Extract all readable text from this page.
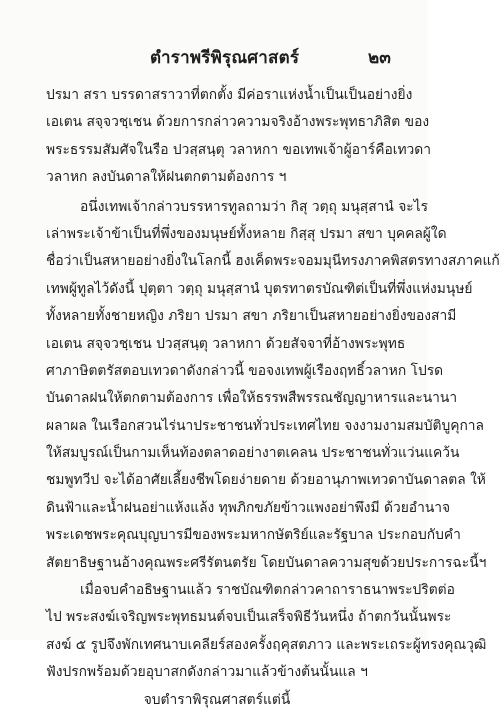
ตำราพรีพิรุณศาสตร์	๒๓
ปรมา สรา บรรดาสราวาที่ตกตั้ง มีค่อราแห่งน้ำเป็นเป็นอย่างยิ่ง
เอเตน สจฺจวชฺเชน ด้วยการกล่าวความจริงอ้างพระพุทธาภิสิต ของ
พระธรรมสัมศัจในรือ ปวสฺสนฺตุ วลาหกา ขอเทพเจ้าผู้อาร์คือเทวดา
วลาหก ลงบันดาลให้ฝนตกตามต้องการ ฯ
อนึ่งเทพเจ้ากล่าวบรรหารทูลถามว่า กิสุ วตฺถุ มนุสฺสานํ จะไร
เล่าพระเจ้าข้าเป็นที่พึ่งของมนุษย์ทั้งหลาย กิสฺสุ ปรมา สขา บุคคลผู้ใด
ชื่อว่าเป็นสหายอย่างยิ่งในโลกนี้ ฮงเค็ดพระจอมมุนีทรงภาคพิสตรทางสภาคแก้
เทพผู้ทูลไว้ดังนี้ ปุตฺตา วตฺถุ มนุสฺสานํ บุตรทาตรบัณฑิต่เป็นที่พึ่งแห่งมนุษย์
ทั้งหลายทั้งชายหญิง ภริยา ปรมา สขา ภริยาเป็นสหายอย่างยิ่งของสามี
เอเตน สจฺจวชฺเชน ปวสฺสนฺตุ วลาหกา ด้วยสัจจาที่อ้างพระพุทธ
ศาภาษิตตรัสตอบเทวดาดังกล่าวนี้ ขอจงเทพผู้เรืองฤทธิ์วลาหก โปรด
บันดาลฝนให้ตกตามต้องการ เพื่อให้ธรรพสืพรรณชัญญาหารและนานา
ผลาผล ในเรือกสวนไร่นาประชาชนทั่วประเทศไทย จงงามงามสมบัติบูคุกาล
ให้สมบูรณ์เป็นกามเห็นท้องตลาดอย่างาตเคลน ประชาชนทั่วแว่นแคว้น
ชมพูทวีป จะได้อาศัยเลี้ยงชีพโดยง่ายดาย ด้วยอานุภาพเทวดาบันดาลตล ให้
ดินฟ้าและน้ำฝนอย่าแห้งแล้ง ทุพภิกขภัยข้าวแพงอย่าพึงมี ด้วยอำนาจ
พระเดชพระคุณบุญบารมีของพระมหากษัตริย์และรัฐบาล ประกอบกับคำ
สัตยาธิษฐานอ้างคุณพระศรีรัตนตรัย โดยบันดาลความสุขด้วยประการฉะนี้ฯ
เมื่อจบคำอธิษฐานแล้ว ราชบัณฑิตกล่าวคาถาราธนาพระปริตต่อ
ไป พระสงฆ์เจริญพระพุทธมนต์จบเป็นเสร็จพิธีวันหนึ่ง ถ้าตกวันนั้นพระ
สงฆ์ ๕ รูปจึงพักเทศนาบเคลียร์สองครั้งฤคุสตภาว และพระเถระผู้ทรงคุณวุฒิ
ฟังปรกพร้อมด้วยอุบาสกดังกล่าวมาแล้วข้างต้นนั้นแล ฯ
จบตำราพิรุณศาสตร์แต่นี้
